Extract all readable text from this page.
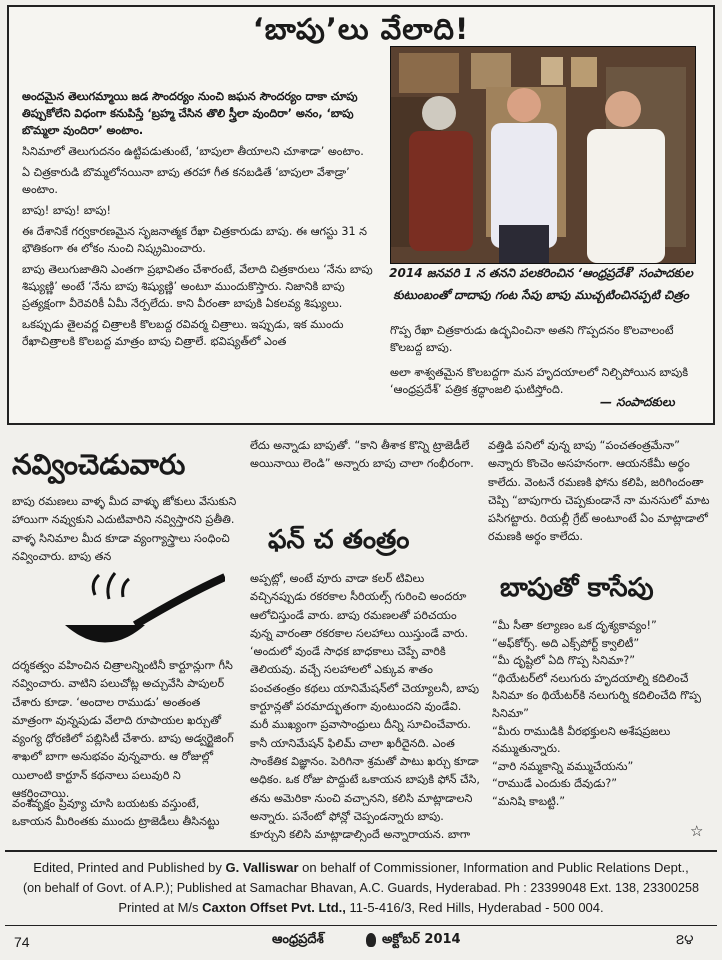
‘బాపు’లు వేలాది!

అందమైన తెలుగమ్మాయి జడ సౌందర్యం నుంచి జఘన సౌందర్యం దాకా చూపు తిప్పుకోలేని విధంగా కనుపిస్తే ‘బ్రహ్మ చేసిన తొలి స్త్రీలా వుందిరా’ అనం, ‘బాపు బొమ్మలా వుందిరా’ అంటాం.

సినిమాలో తెలుగుదనం ఉట్టిపడుతుంటే, ‘బాపులా తీయాలని చూశాడా’ అంటాం.

ఏ చిత్రకారుడి బొమ్మలోనయినా బాపు తరహా గీత కనబడితే ‘బాపులా వేశాడ్రా’ అంటాం.

బాపు! బాపు! బాపు!

ఈ దేశానికే గర్వకారణమైన సృజనాత్మక రేఖా చిత్రకారుడు బాపు. ఈ ఆగస్టు 31 న భౌతికంగా ఈ లోకం నుంచి నిష్క్రమించారు.

బాపు తెలుగుజాతిని ఎంతగా ప్రభావితం చేశారంటే, వేలాది చిత్రకారులు ‘నేను బాపు శిష్యుణ్ణి’ అంటే ‘నేను బాపు శిష్యుణ్ణి’ అంటూ ముందుకొస్తారు. నిజానికి బాపు ప్రత్యక్షంగా వీరెవరికీ ఏమీ నేర్పలేదు. కాని వీరంతా బాపుకి ఏకలవ్య శిష్యులు.

ఒకప్పుడు తైలవర్ణ చిత్రాలకి కొలబద్ద రవివర్మ చిత్రాలు. ఇప్పుడు, ఇక ముందు రేఖాచిత్రాలకి కొలబద్ద మాత్రం బాపు చిత్రాలే. భవిష్యత్‌లో ఎంత

2014 జనవరి 1 న తనని పలకరించిన ‘ఆంధ్రప్రదేశ్’ సంపాదకుల కుటుంబంతో దాదాపు గంట సేపు బాపు ముచ్చటించినప్పటి చిత్రం

గొప్ప రేఖా చిత్రకారుడు ఉద్భవించినా అతని గొప్పదనం కొలవాలంటే కొలబద్ద బాపు.

అలా శాశ్వతమైన కొలబద్దగా మన హృదయాలలో నిల్చిపోయిన బాపుకి ‘ఆంధ్రప్రదేశ్’ పత్రిక శ్రద్ధాంజలి ఘటిస్తోంది.

— సంపాదకులు
నవ్వించెడువారు
బాపు రమణలు వాళ్ళ మీద వాళ్ళు జోకులు వేసుకుని హాయిగా నవ్వుకుని ఎదుటివారిని నవ్విస్తారని ప్రతీతి. వాళ్ళ సినిమాల మీద కూడా వ్యంగ్యాస్త్రాలు సంధించి నవ్వించారు. బాపు తన
దర్శకత్వం వహించిన చిత్రాలన్నింటినీ కార్టూన్లుగా గీసి నవ్వించారు. వాటిని పలుచోట్ల అచ్చువేసి పాపులర్ చేశారు కూడా. ‘అందాల రాముడు’ అంతంత మాత్రంగా వున్నపుడు వేలాది రూపాయల ఖర్చుతో వ్యంగ్య ధోరణిలో పబ్లిసిటీ చేశారు. బాపు అడ్వర్టైజింగ్ శాఖలో బాగా అనుభవం వున్నవారు. ఆ రోజుల్లో యిలాంటి కార్టూన్ కథనాలు పలువురి ని ఆకర్షించాయి.
వంశవృక్షం ప్రివ్యూ చూసి బయటకు వస్తుంటే, ఒకాయన మీరింతకు ముందు ట్రాజెడీలు తీసినట్టు
లేదు అన్నాడు బాపుతో. “కాని తీశాక కొన్ని ట్రాజెడీలే అయినాయి లెండి” అన్నారు బాపు చాలా గంభీరంగా.
ఫన్ చ తంత్రం
అప్పట్లో, అంటే వూరు వాడా కలర్ టివిలు వచ్చినప్పుడు రకరకాల సీరియల్స్ గురించి అందరూ ఆలోచిస్తుండే వారు. బాపు రమణలతో పరిచయం వున్న వారంతా రకరకాల సలహాలు యిస్తుండే వారు. ‘అందులో వుండే సాధక బాధకాలు చెప్పే వారికి తెలియవు. వచ్చే సలహాలలో ఎక్కువ శాతం పంచతంత్రం కథలు యానిమేషన్‌లో చెయ్యాలనీ, బాపు కార్టూన్లతో పరమాద్భుతంగా వుంటుందని వుండేవి. మరీ ముఖ్యంగా ప్రవాసాంధ్రులు దీన్ని సూచించేవారు. కానీ యానిమేషన్ ఫిలిమ్ చాలా ఖరీదైనది. ఎంత సాంకేతిక విజ్ఞానం. పెరిగినా శ్రమతో పాటు ఖర్చు కూడా అధికం. ఒక రోజు పొద్దుటే ఒకాయన బాపుకి ఫోన్ చేసి, తను అమెరికా నుంచి వచ్చానని, కలిసి మాట్లాడాలని అన్నారు. పనేంటో ఫోన్లో చెప్పండన్నారు బాపు. కూర్చుని కలిసి మాట్లాడాల్సిందే అన్నారాయన. బాగా
వత్తిడి పనిలో వున్న బాపు “పంచతంత్రమేనా” అన్నారు కొంచెం అసహనంగా. ఆయనకేమీ అర్థం కాలేదు. వెంటనే రమణకి ఫోను కలిపి, జరిగిందంతా చెప్పి “బాపుగారు చెప్పకుండానే నా మనసులో మాట పసిగట్టారు. రియల్లీ గ్రేట్ అంటూంటే ఏం మాట్లాడాలో రమణకి అర్థం కాలేదు.
బాపుతో కాసేపు
“మీ సీతా కల్యాణం ఒక దృశ్యకావ్యం!”
“అఫ్‌కోర్స్. అది ఎక్స్‌పోర్ట్ క్వాలిటీ”
“మీ దృష్టిలో ఏది గొప్ప సినిమా?”
“థియేటర్‌లో నలుగురు హృదయాల్ని కదిలించే సినిమా కం థియేటర్‌కి నలుగుర్ని కదిలించేది గొప్ప సినిమా”
“మీరు రాముడికి వీరభక్తులని అశేషప్రజలు నమ్ముతున్నారు.
“వారి నమ్మకాన్ని వమ్ముచేయను”
“రాముడే ఎందుకు దేవుడు?”
“మనిషి కాబట్టి.”
☆
Edited, Printed and Published by G. Valliswar on behalf of Commissioner, Information and Public Relations Dept.,
(on behalf of Govt. of A.P.); Published at Samachar Bhavan, A.C. Guards, Hyderabad. Ph : 23399048 Ext. 138, 23300258
Printed at M/s Caxton Offset Pvt. Ltd., 11-5-416/3, Red Hills, Hyderabad - 500 004.
74	ఆంధ్రప్రదేశ్	అక్టోబర్ 2014	౭౪
